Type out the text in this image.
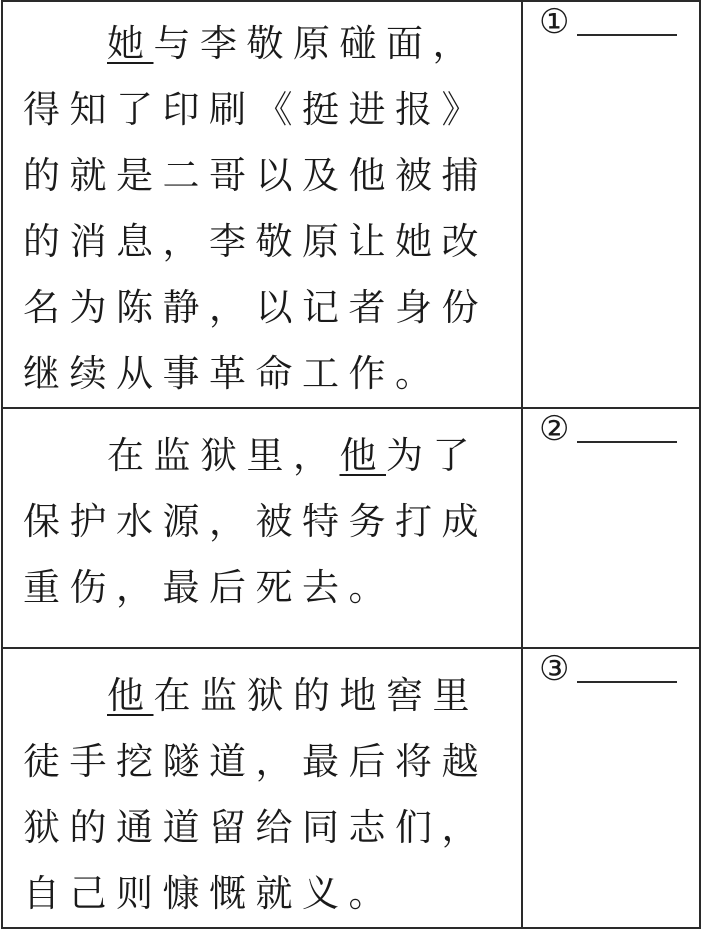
她与李敬原碰面，得知了印刷《挺进报》的就是二哥以及他被捕的消息，李敬原让她改名为陈静，以记者身份继续从事革命工作。	①

在监狱里，他为了保护水源，被特务打成重伤，最后死去。	②

他在监狱的地窖里徒手挖隧道，最后将越狱的通道留给同志们，自己则慷慨就义。	③
